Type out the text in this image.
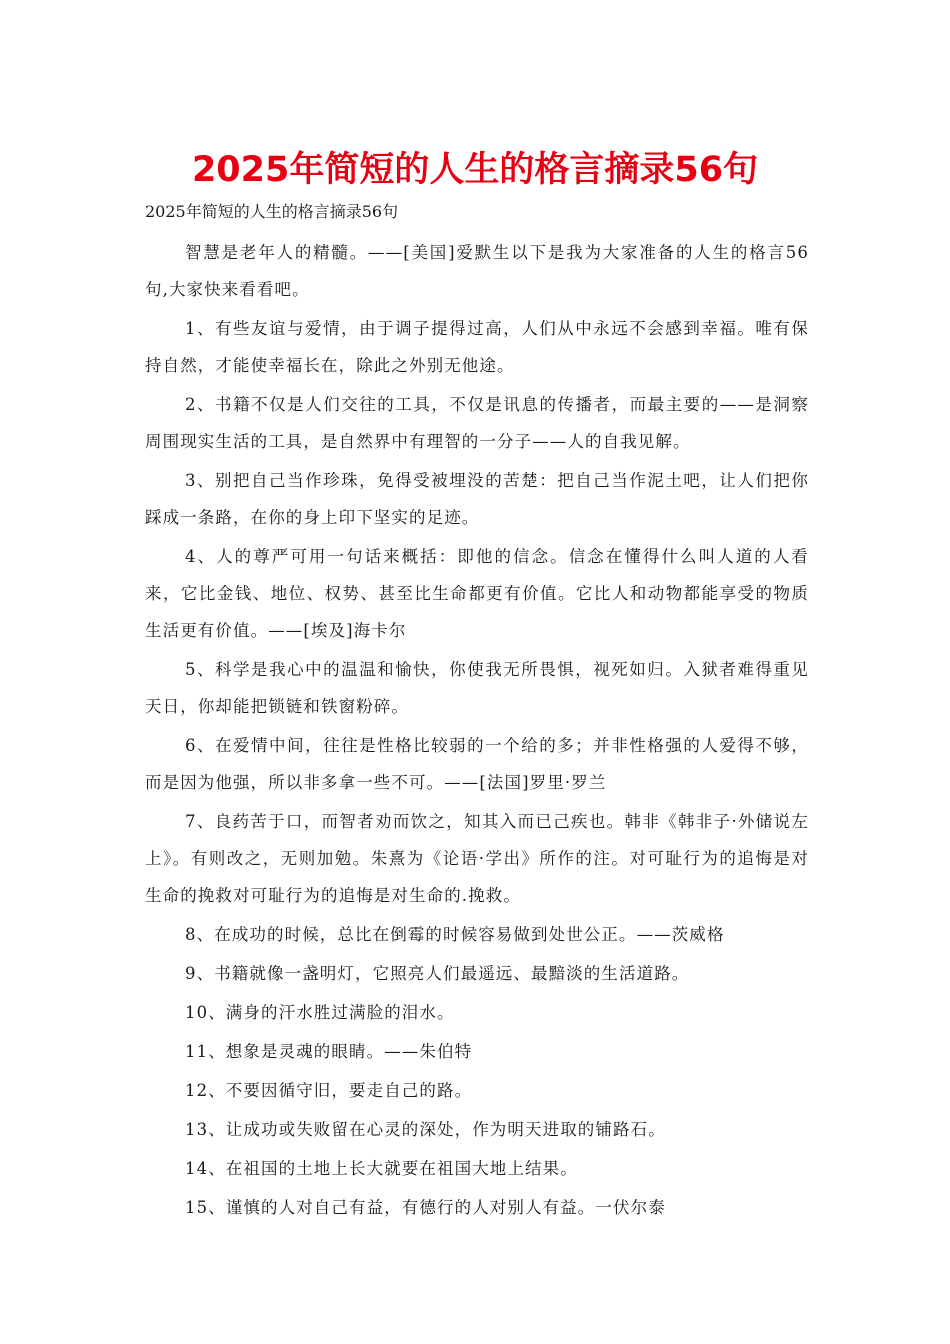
2025年简短的人生的格言摘录56句

2025年简短的人生的格言摘录56句

智慧是老年人的精髓。——[美国]爱默生以下是我为大家准备的人生的格言56句,大家快来看看吧。

1、有些友谊与爱情，由于调子提得过高，人们从中永远不会感到幸福。唯有保持自然，才能使幸福长在，除此之外别无他途。

2、书籍不仅是人们交往的工具，不仅是讯息的传播者，而最主要的——是洞察周围现实生活的工具，是自然界中有理智的一分子——人的自我见解。

3、别把自己当作珍珠，免得受被埋没的苦楚：把自己当作泥土吧，让人们把你踩成一条路，在你的身上印下坚实的足迹。

4、人的尊严可用一句话来概括：即他的信念。信念在懂得什么叫人道的人看来，它比金钱、地位、权势、甚至比生命都更有价值。它比人和动物都能享受的物质生活更有价值。——[埃及]海卡尔

5、科学是我心中的温温和愉快，你使我无所畏惧，视死如归。入狱者难得重见天日，你却能把锁链和铁窗粉碎。

6、在爱情中间，往往是性格比较弱的一个给的多；并非性格强的人爱得不够，而是因为他强，所以非多拿一些不可。——[法国]罗里·罗兰

7、良药苦于口，而智者劝而饮之，知其入而已己疾也。韩非《韩非子·外储说左上》。有则改之，无则加勉。朱熹为《论语·学出》所作的注。对可耻行为的追悔是对生命的挽救对可耻行为的追悔是对生命的.挽救。

8、在成功的时候，总比在倒霉的时候容易做到处世公正。——茨威格

9、书籍就像一盏明灯，它照亮人们最遥远、最黯淡的生活道路。

10、满身的汗水胜过满脸的泪水。

11、想象是灵魂的眼睛。——朱伯特

12、不要因循守旧，要走自己的路。

13、让成功或失败留在心灵的深处，作为明天进取的铺路石。

14、在祖国的土地上长大就要在祖国大地上结果。

15、谨慎的人对自己有益，有德行的人对别人有益。一伏尔泰
